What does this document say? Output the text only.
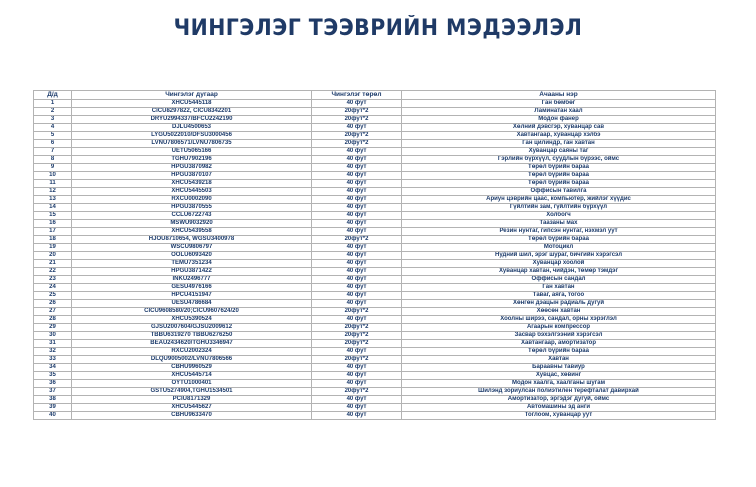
ЧИНГЭЛЭГ ТЭЭВРИЙН МЭДЭЭЛЭЛ
Д/д	Чингэлэг дугаар	Чингэлэг төрөл	Ачааны нэр
1	XHCU5445118	40 фут	Ган бөмбөг
2	CICU8297822, CICU8342201	20фут*2	Ламинатан хаал
3	DRYU2994337/BFCU2242190	20фут*2	Модон фанер
4	DJLU4500653	40 фут	Хөлний дэвсгэр, хуванцар сав
5	LYGU5022010/DFSU3000456	20фут*2	Хавтангаар, хуванцар хэлбэ
6	LVNU7806571/LVNU7806735	20фут*2	Ган цилиндр, ган хавтан
7	UETU5065166	40 фут	Хуванцар саяны таг
8	TGHU7902196	40 фут	Гэрлийн бүрхүүл, суудлын бүрээс, оймс
9	HPGU3870982	40 фут	Төрөл бүрийн бараа
10	HPGU3870107	40 фут	Төрөл бүрийн бараа
11	XHCU5439218	40 фут	Төрөл бүрийн бараа
12	XHCU5445503	40 фут	Оффисын тавилга
13	RXCU0002090	40 фут	Ариун цэврийн цаас, компьютер, жийлэг хүүдис
14	HPGU3870555	40 фут	Гүйлтийн зам, гүйлтийн бүрхүүл
15	CCLU6722743	40 фут	Холбогч
16	MSWU9032920	40 фут	Таазаны мах
17	XHCU5439558	40 фут	Резин нунтаг, гипсэн нунтаг, нэхмэл уут
18	HJOU8710654, WGSU3400978	20фут*2	Төрөл бүрийн бараа
19	WSCU9806797	40 фут	Мотоцикл
20	OOLU6093420	40 фут	Нудний шил, эрэг шураг, бичгийн хэрэгсэл
21	TEMU7351234	40 фут	Хуванцар хоолой
22	HPGU3871422	40 фут	Хуванцар хавтан, чийдэн, төмөр тэмдэг
23	INKU2496777	40 фут	Оффисын сандал
24	GESU4976166	40 фут	Ган хавтан
25	HPCU4151947	40 фут	Таваг, аяга, тогоо
26	UESU4786684	40 фут	Хөнгөн дэацын радиаль дугуй
27	CICU9608580/20;CICU9607624/20	20фут*2	Хөөсөн хавтан
28	XHCU5390524	40 фут	Хоолны ширээ, сандал, орны хэрэглэл
29	GJSU2007604/GJSU2009612	20фут*2	Агаарын компрессор
30	TBBU6319270 TBBU6276250	20фут*2	Засвар бэхэлгээний хэрэгсэл
31	BEAU2434620/TGHU3346947	20фут*2	Хавтангаар, амортизатор
32	RXCU2002324	40 фут	Төрөл бүрийн бараа
33	DLQU9005002/LVNU7806566	20фут*2	Хавтан
34	CBHU9960529	40 фут	Бараавны тавиур
35	XHCU5445714	40 фут	Хувцас, хөвинг
36	OYTU1000401	40 фут	Модон хаалга, хаалганы шугам
37	GSTU5274904,TGHU1534501	20фут*2	Шилэнд зориулсан полиэтилен терефталат давирхай
38	PCIU8171329	40 фут	Амортизатор, эргэдэг дугуй, оймс
39	XHCU5445627	40 фут	Автомашины эд анги
40	CBHU9633470	40 фут	Тоглоом, хуванцар уут
